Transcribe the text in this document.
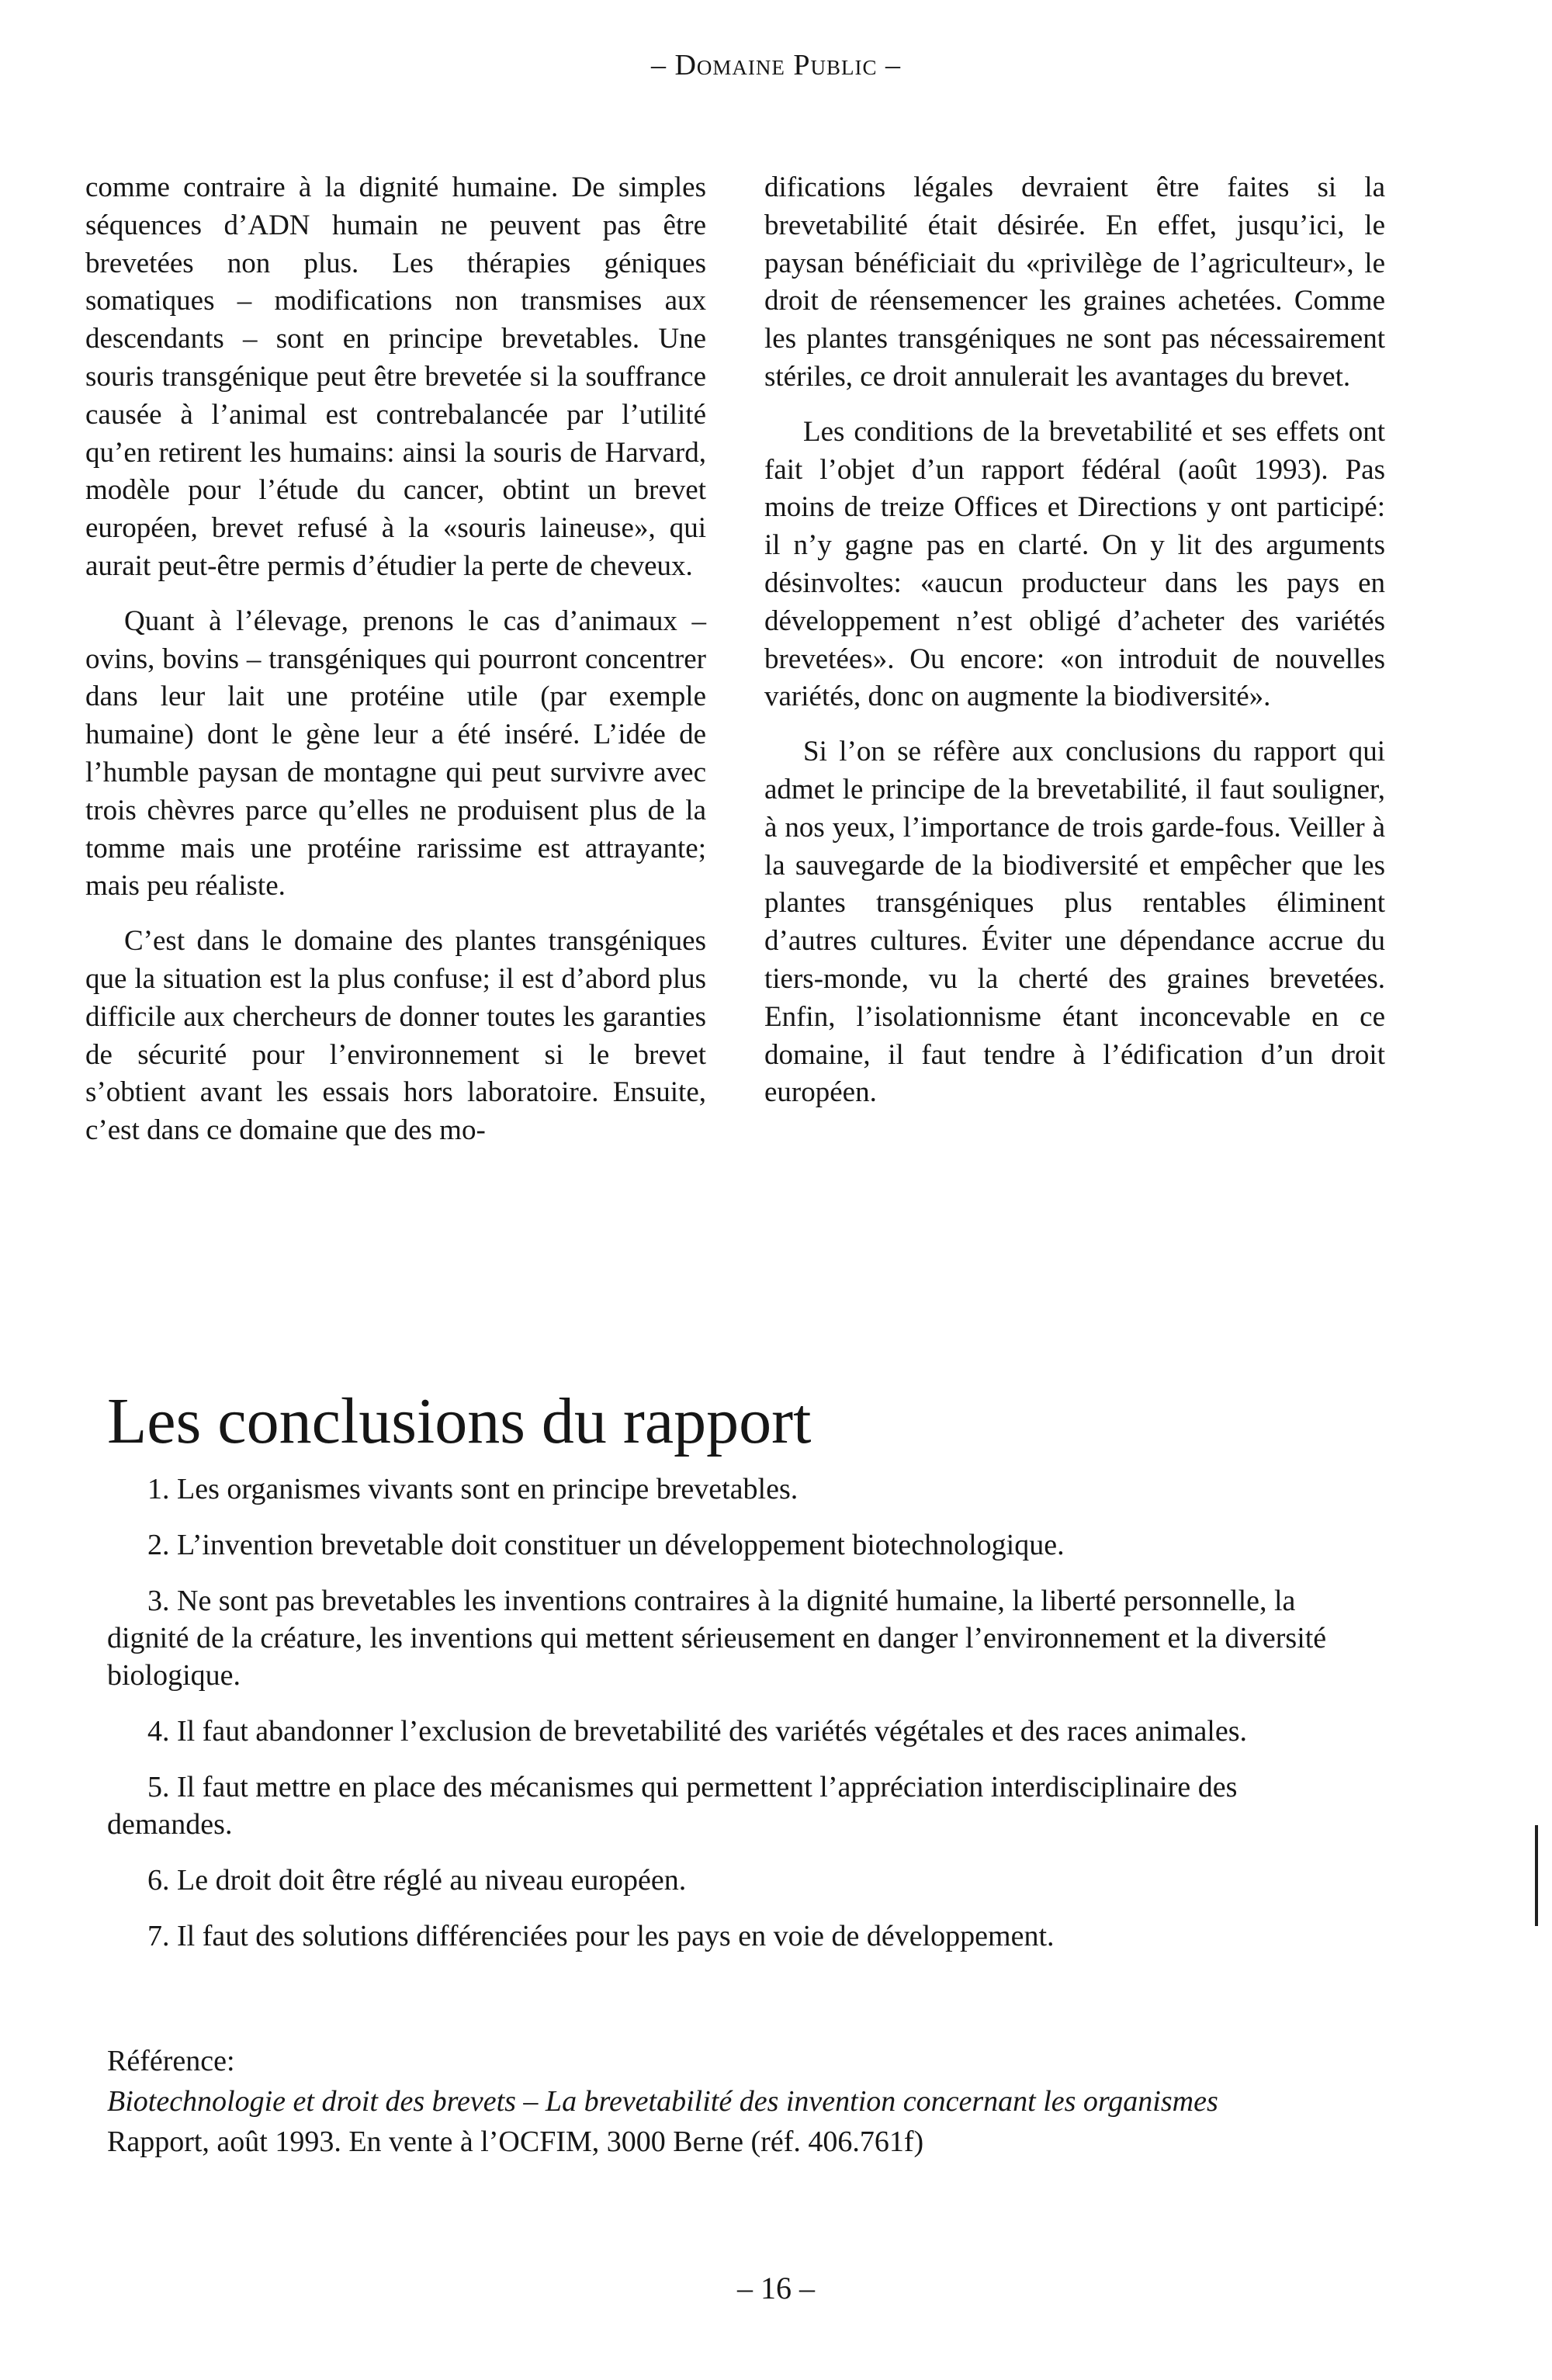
– Domaine Public –

comme contraire à la dignité humaine. De simples séquences d’ADN humain ne peuvent pas être brevetées non plus. Les thérapies géniques somatiques – modifications non transmises aux descendants – sont en principe brevetables. Une souris transgénique peut être brevetée si la souffrance causée à l’animal est contrebalancée par l’utilité qu’en retirent les humains: ainsi la souris de Harvard, modèle pour l’étude du cancer, obtint un brevet européen, brevet refusé à la «souris laineuse», qui aurait peut-être permis d’étudier la perte de cheveux.

Quant à l’élevage, prenons le cas d’animaux – ovins, bovins – transgéniques qui pourront concentrer dans leur lait une protéine utile (par exemple humaine) dont le gène leur a été inséré. L’idée de l’humble paysan de montagne qui peut survivre avec trois chèvres parce qu’elles ne produisent plus de la tomme mais une protéine rarissime est attrayante; mais peu réaliste.

C’est dans le domaine des plantes transgéniques que la situation est la plus confuse; il est d’abord plus difficile aux chercheurs de donner toutes les garanties de sécurité pour l’environnement si le brevet s’obtient avant les essais hors laboratoire. Ensuite, c’est dans ce domaine que des mo-

difications légales devraient être faites si la brevetabilité était désirée. En effet, jusqu’ici, le paysan bénéficiait du «privilège de l’agriculteur», le droit de réensemencer les graines achetées. Comme les plantes transgéniques ne sont pas nécessairement stériles, ce droit annulerait les avantages du brevet.

Les conditions de la brevetabilité et ses effets ont fait l’objet d’un rapport fédéral (août 1993). Pas moins de treize Offices et Directions y ont participé: il n’y gagne pas en clarté. On y lit des arguments désinvoltes: «aucun producteur dans les pays en développement n’est obligé d’acheter des variétés brevetées». Ou encore: «on introduit de nouvelles variétés, donc on augmente la biodiversité».

Si l’on se réfère aux conclusions du rapport qui admet le principe de la brevetabilité, il faut souligner, à nos yeux, l’importance de trois garde-fous. Veiller à la sauvegarde de la biodiversité et empêcher que les plantes transgéniques plus rentables éliminent d’autres cultures. Éviter une dépendance accrue du tiers-monde, vu la cherté des graines brevetées. Enfin, l’isolationnisme étant inconcevable en ce domaine, il faut tendre à l’édification d’un droit européen.

Les conclusions du rapport
1. Les organismes vivants sont en principe brevetables.
2. L’invention brevetable doit constituer un développement biotechnologique.
3. Ne sont pas brevetables les inventions contraires à la dignité humaine, la liberté personnelle, la dignité de la créature, les inventions qui mettent sérieusement en danger l’environnement et la diversité biologique.
4. Il faut abandonner l’exclusion de brevetabilité des variétés végétales et des races animales.
5. Il faut mettre en place des mécanismes qui permettent l’appréciation interdisciplinaire des demandes.
6. Le droit doit être réglé au niveau européen.
7. Il faut des solutions différenciées pour les pays en voie de développement.
Référence:
Biotechnologie et droit des brevets – La brevetabilité des invention concernant les organismes
Rapport, août 1993. En vente à l’OCFIM, 3000 Berne (réf. 406.761f)
– 16 –
